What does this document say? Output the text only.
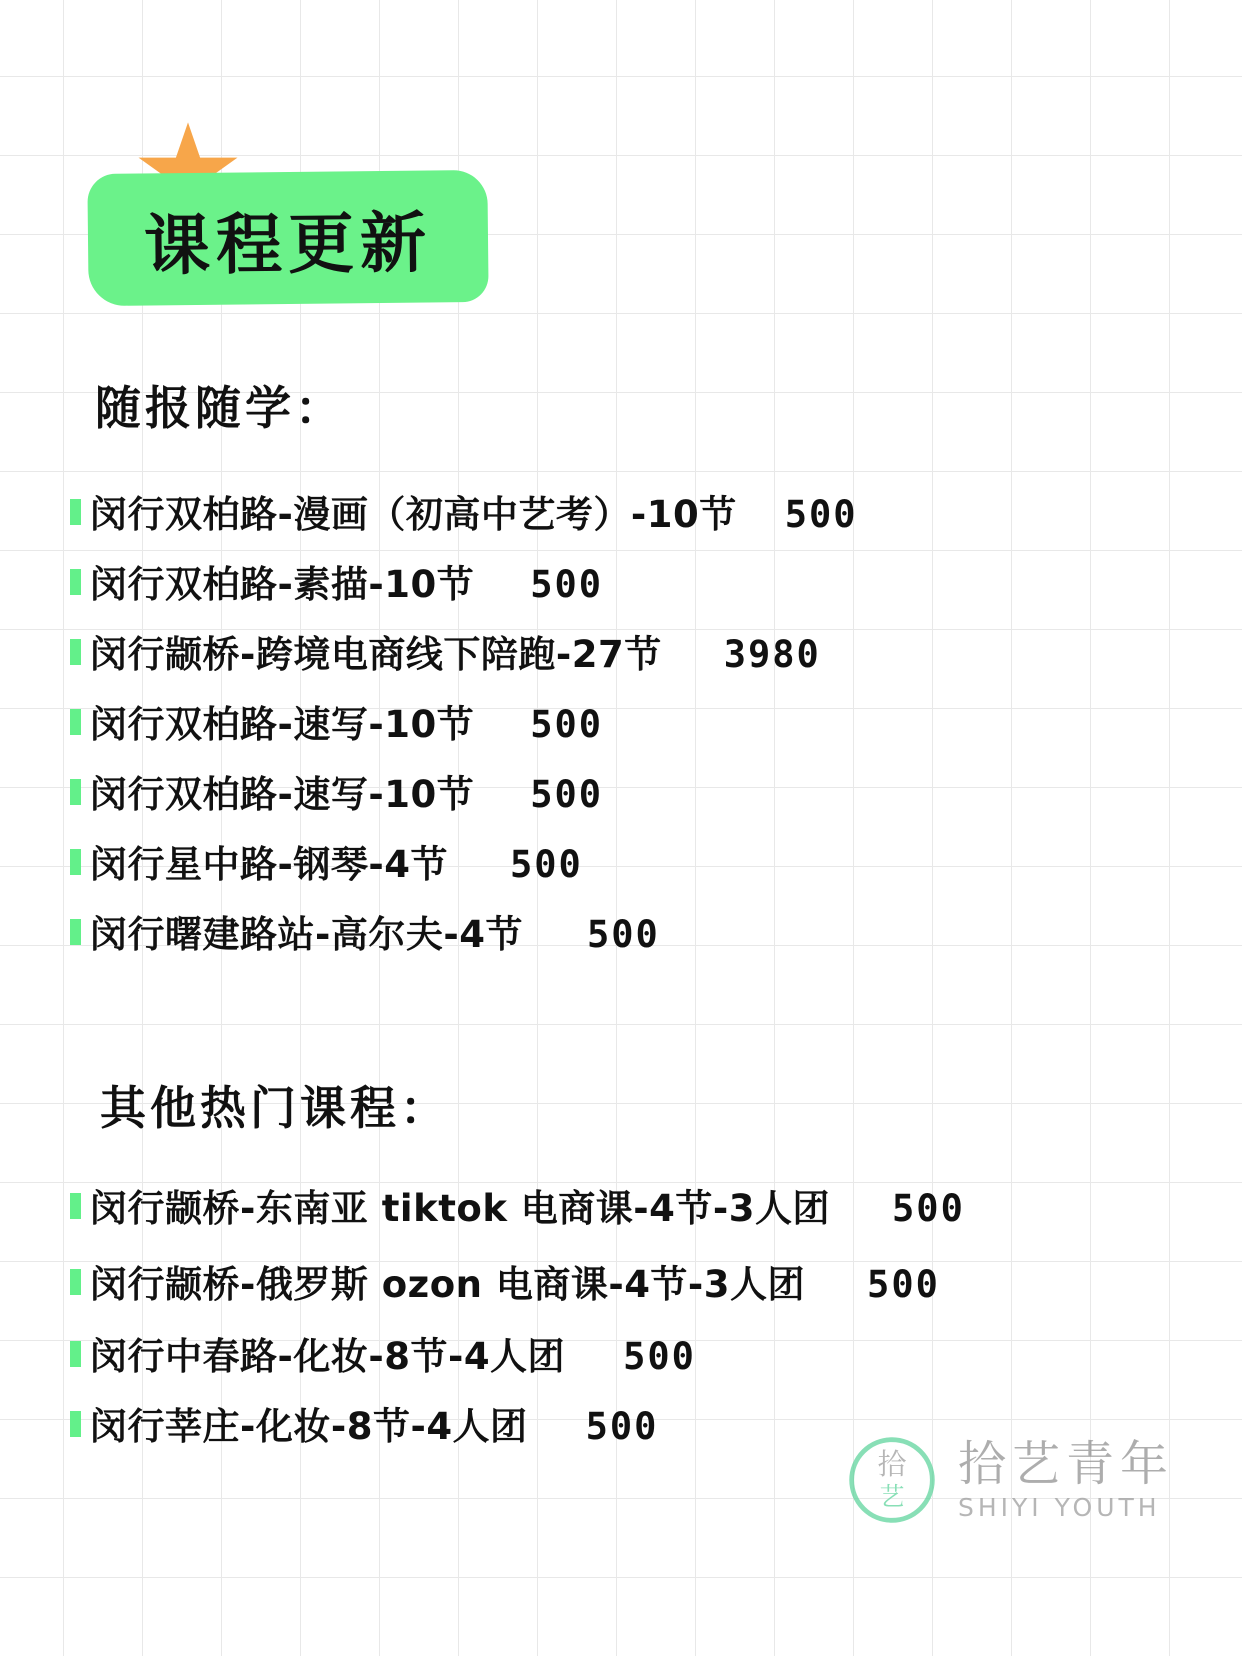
课程更新
随报随学：
其他热门课程：
闵行双柏路-漫画（初高中艺考）-10节 500
闵行双柏路-素描-10节 500
闵行颛桥-跨境电商线下陪跑-27节 3980
闵行双柏路-速写-10节 500
闵行双柏路-速写-10节 500
闵行星中路-钢琴-4节 500
闵行曙建路站-高尔夫-4节 500
闵行颛桥-东南亚 tiktok 电商课-4节-3人团 500
闵行颛桥-俄罗斯 ozon 电商课-4节-3人团 500
闵行中春路-化妆-8节-4人团 500
闵行莘庄-化妆-8节-4人团 500
拾
艺
拾艺青年
SHIYI YOUTH
